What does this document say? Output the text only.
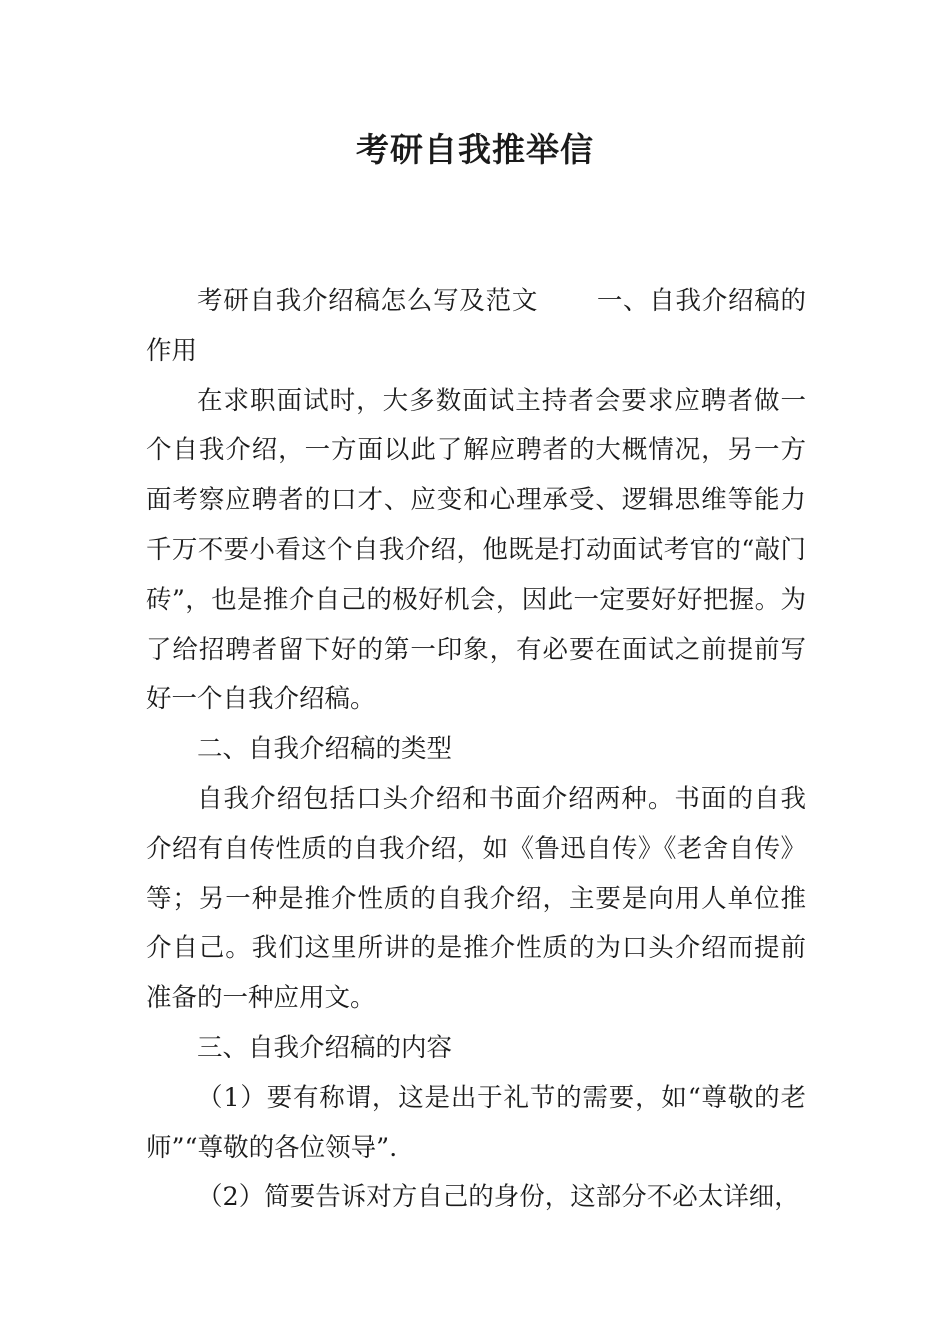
考研自我推举信

考研自我介绍稿怎么写及范文 一、自我介绍稿的作用

在求职面试时，大多数面试主持者会要求应聘者做一个自我介绍，一方面以此了解应聘者的大概情况，另一方面考察应聘者的口才、应变和心理承受、逻辑思维等能力千万不要小看这个自我介绍，他既是打动面试考官的“敲门砖”，也是推介自己的极好机会，因此一定要好好把握。为了给招聘者留下好的第一印象，有必要在面试之前提前写好一个自我介绍稿。

二、自我介绍稿的类型

自我介绍包括口头介绍和书面介绍两种。书面的自我介绍有自传性质的自我介绍，如《鲁迅自传》《老舍自传》等；另一种是推介性质的自我介绍，主要是向用人单位推介自己。我们这里所讲的是推介性质的为口头介绍而提前准备的一种应用文。

三、自我介绍稿的内容

（1）要有称谓，这是出于礼节的需要，如“尊敬的老师”“尊敬的各位领导”.

（2）简要告诉对方自己的身份，这部分不必太详细，
